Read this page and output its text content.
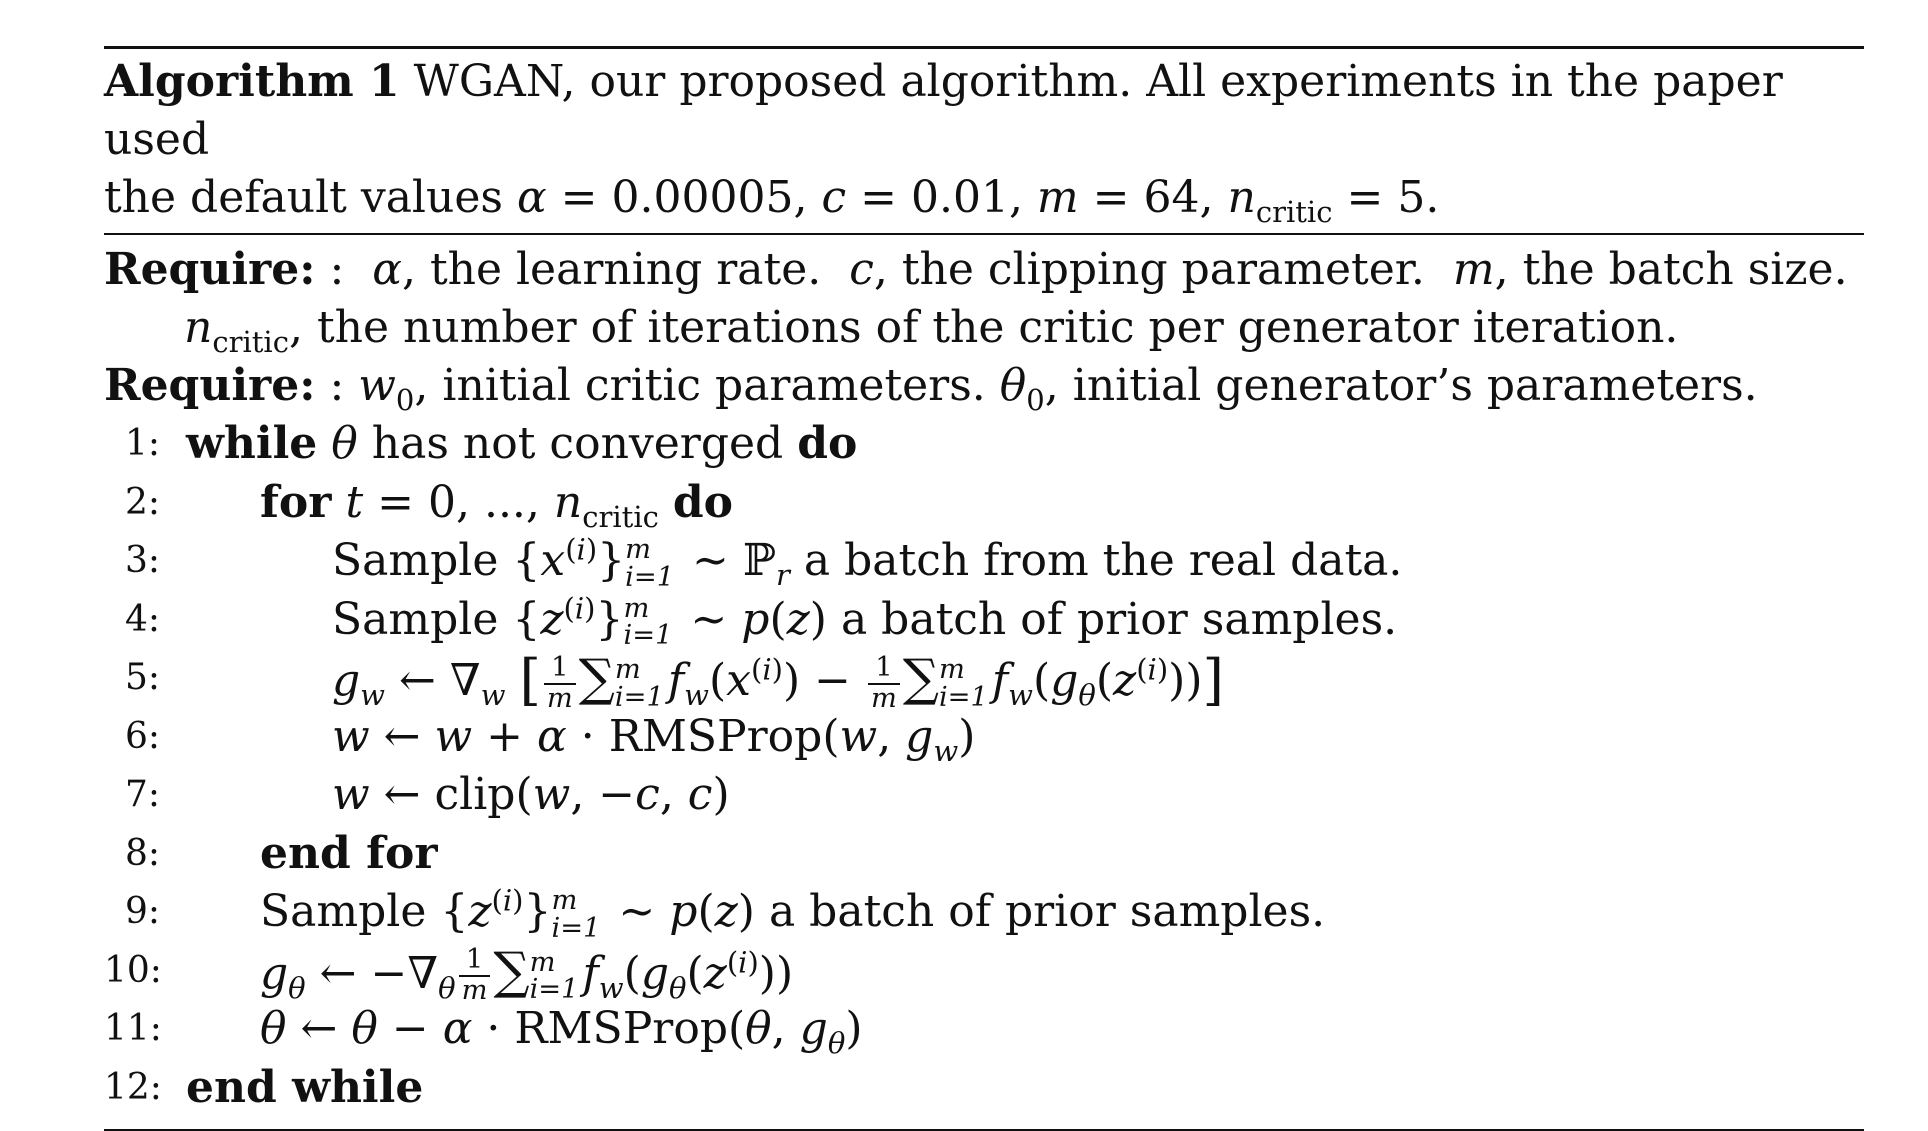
Algorithm 1 WGAN, our proposed algorithm. All experiments in the paper used
the default values α = 0.00005, c = 0.01, m = 64, $n_{critic} = 5$.
Require: :  α, the learning rate. c, the clipping parameter. m, the batch size.
$n_{critic}$, the number of iterations of the critic per generator iteration.
Require: : $w_0$, initial critic parameters. $\theta_0$, initial generator’s parameters.
1: while θ has not converged do
2: for t = 0, ..., $n_{critic}$ do
3:	Sample $\{x^{(i)}\}$ m
i=1 ∼ ℙ$_r$ a batch from the real data.
4:	Sample $\{z^{(i)}\}$ m
i=1 ∼ p(z) a batch of prior samples.
5:	$g_w$ ← $\nabla_w$ [ $\frac{1}{m}$ ∑ m
i=1 $f_w(x^{(i)}) - \frac{1}{m}$ ∑ m
i=1 $f_w(g_\theta(z^{(i)}))$]
6:	w ← w + α · RMSProp(w, $g_w$)
7:	w ← clip(w, −c, c)
8: end for
9: Sample $\{z^{(i)}\}$ m
i=1 ∼ p(z) a batch of prior samples.
10: $g_\theta$ ← $-\nabla_\theta \frac{1}{m}$ ∑ m
i=1 $f_w(g_\theta(z^{(i)}))$
11: θ ← θ − α · RMSProp(θ, $g_\theta$)
12: end while
